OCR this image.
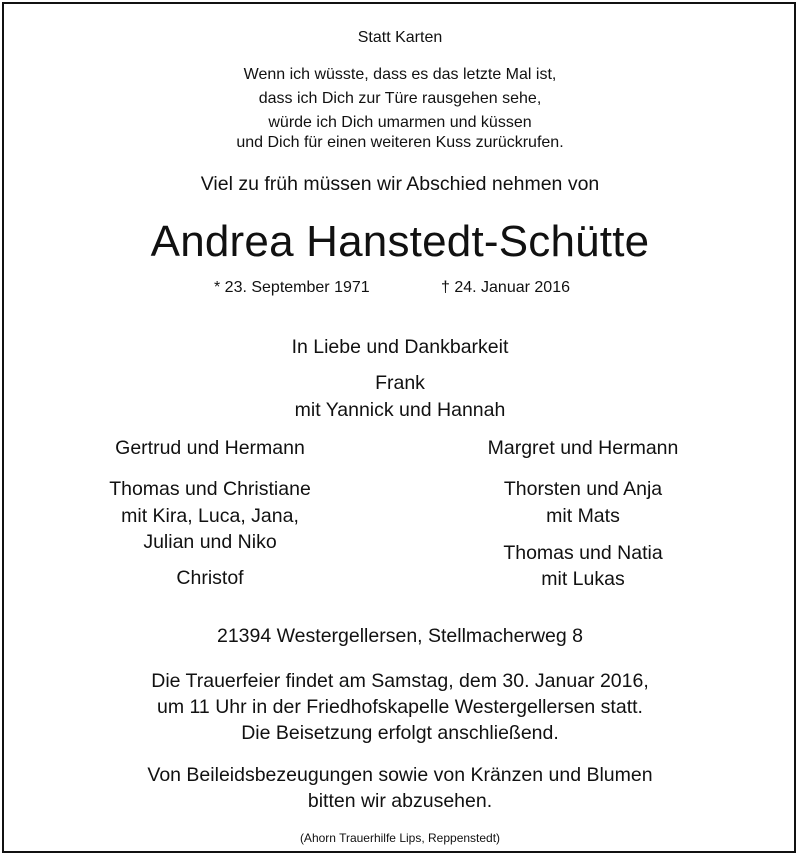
Statt Karten
Wenn ich wüsste, dass es das letzte Mal ist,
dass ich Dich zur Türe rausgehen sehe,
würde ich Dich umarmen und küssen
und Dich für einen weiteren Kuss zurückrufen.
Viel zu früh müssen wir Abschied nehmen von
Andrea Hanstedt-Schütte
* 23. September 1971	† 24. Januar 2016
In Liebe und Dankbarkeit
Frank
mit Yannick und Hannah
Gertrud und Hermann
Thomas und Christiane
mit Kira, Luca, Jana,
Julian und Niko
Christof
Margret und Hermann
Thorsten und Anja
mit Mats
Thomas und Natia
mit Lukas
21394 Westergellersen, Stellmacherweg 8
Die Trauerfeier findet am Samstag, dem 30. Januar 2016,
um 11 Uhr in der Friedhofskapelle Westergellersen statt.
Die Beisetzung erfolgt anschließend.
Von Beileidsbezeugungen sowie von Kränzen und Blumen
bitten wir abzusehen.
(Ahorn Trauerhilfe Lips, Reppenstedt)
